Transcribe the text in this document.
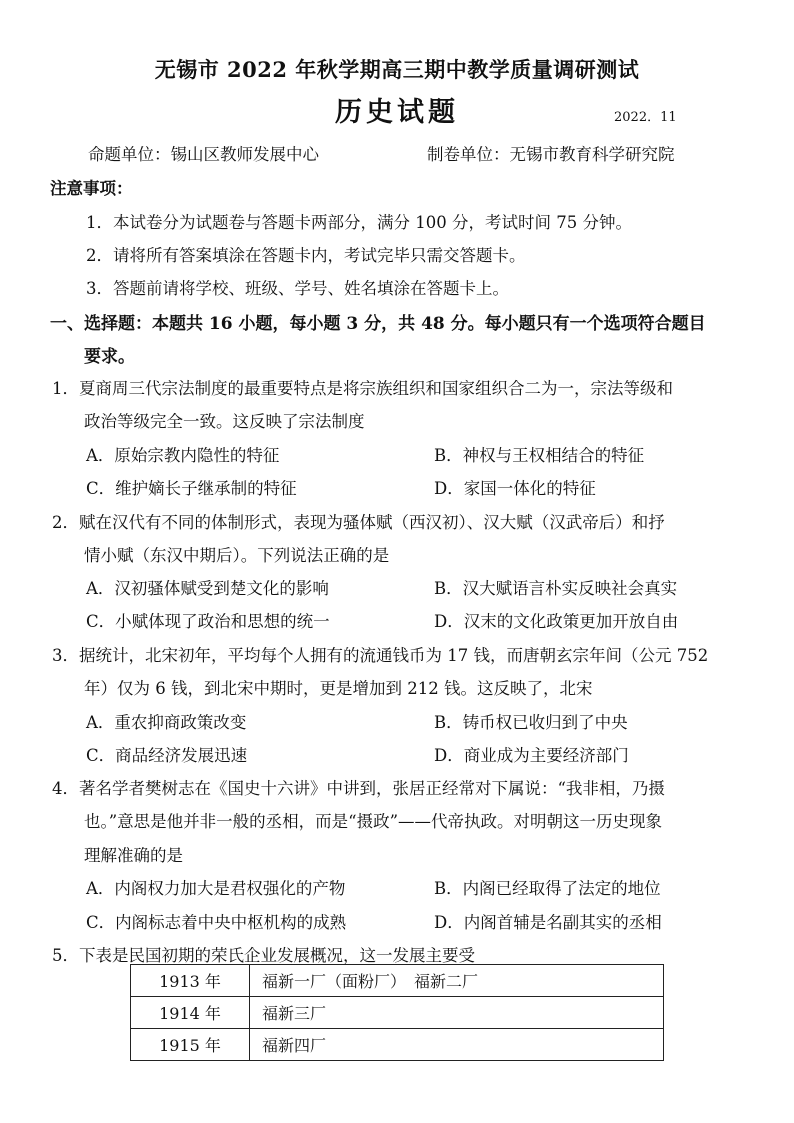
无锡市 2022 年秋学期高三期中教学质量调研测试
历史试题	2022．11
命题单位：锡山区教师发展中心	制卷单位：无锡市教育科学研究院
注意事项：
1．本试卷分为试题卷与答题卡两部分，满分 100 分，考试时间 75 分钟。
2．请将所有答案填涂在答题卡内，考试完毕只需交答题卡。
3．答题前请将学校、班级、学号、姓名填涂在答题卡上。
一、选择题：本题共 16 小题，每小题 3 分，共 48 分。每小题只有一个选项符合题目
要求。
1．夏商周三代宗法制度的最重要特点是将宗族组织和国家组织合二为一，宗法等级和
政治等级完全一致。这反映了宗法制度
A．原始宗教内隐性的特征	B．神权与王权相结合的特征
C．维护嫡长子继承制的特征	D．家国一体化的特征
2．赋在汉代有不同的体制形式，表现为骚体赋（西汉初）、汉大赋（汉武帝后）和抒
情小赋（东汉中期后）。下列说法正确的是
A．汉初骚体赋受到楚文化的影响	B．汉大赋语言朴实反映社会真实
C．小赋体现了政治和思想的统一	D．汉末的文化政策更加开放自由
3．据统计，北宋初年，平均每个人拥有的流通钱币为 17 钱，而唐朝玄宗年间（公元 752
年）仅为 6 钱，到北宋中期时，更是增加到 212 钱。这反映了，北宋
A．重农抑商政策改变	B．铸币权已收归到了中央
C．商品经济发展迅速	D．商业成为主要经济部门
4．著名学者樊树志在《国史十六讲》中讲到，张居正经常对下属说：“我非相，乃摄
也。”意思是他并非一般的丞相，而是“摄政”——代帝执政。对明朝这一历史现象
理解准确的是
A．内阁权力加大是君权强化的产物	B．内阁已经取得了法定的地位
C．内阁标志着中央中枢机构的成熟	D．内阁首辅是名副其实的丞相
5．下表是民国初期的荣氏企业发展概况，这一发展主要受
1913 年	福新一厂（面粉厂）　福新二厂
1914 年	福新三厂
1915 年	福新四厂
